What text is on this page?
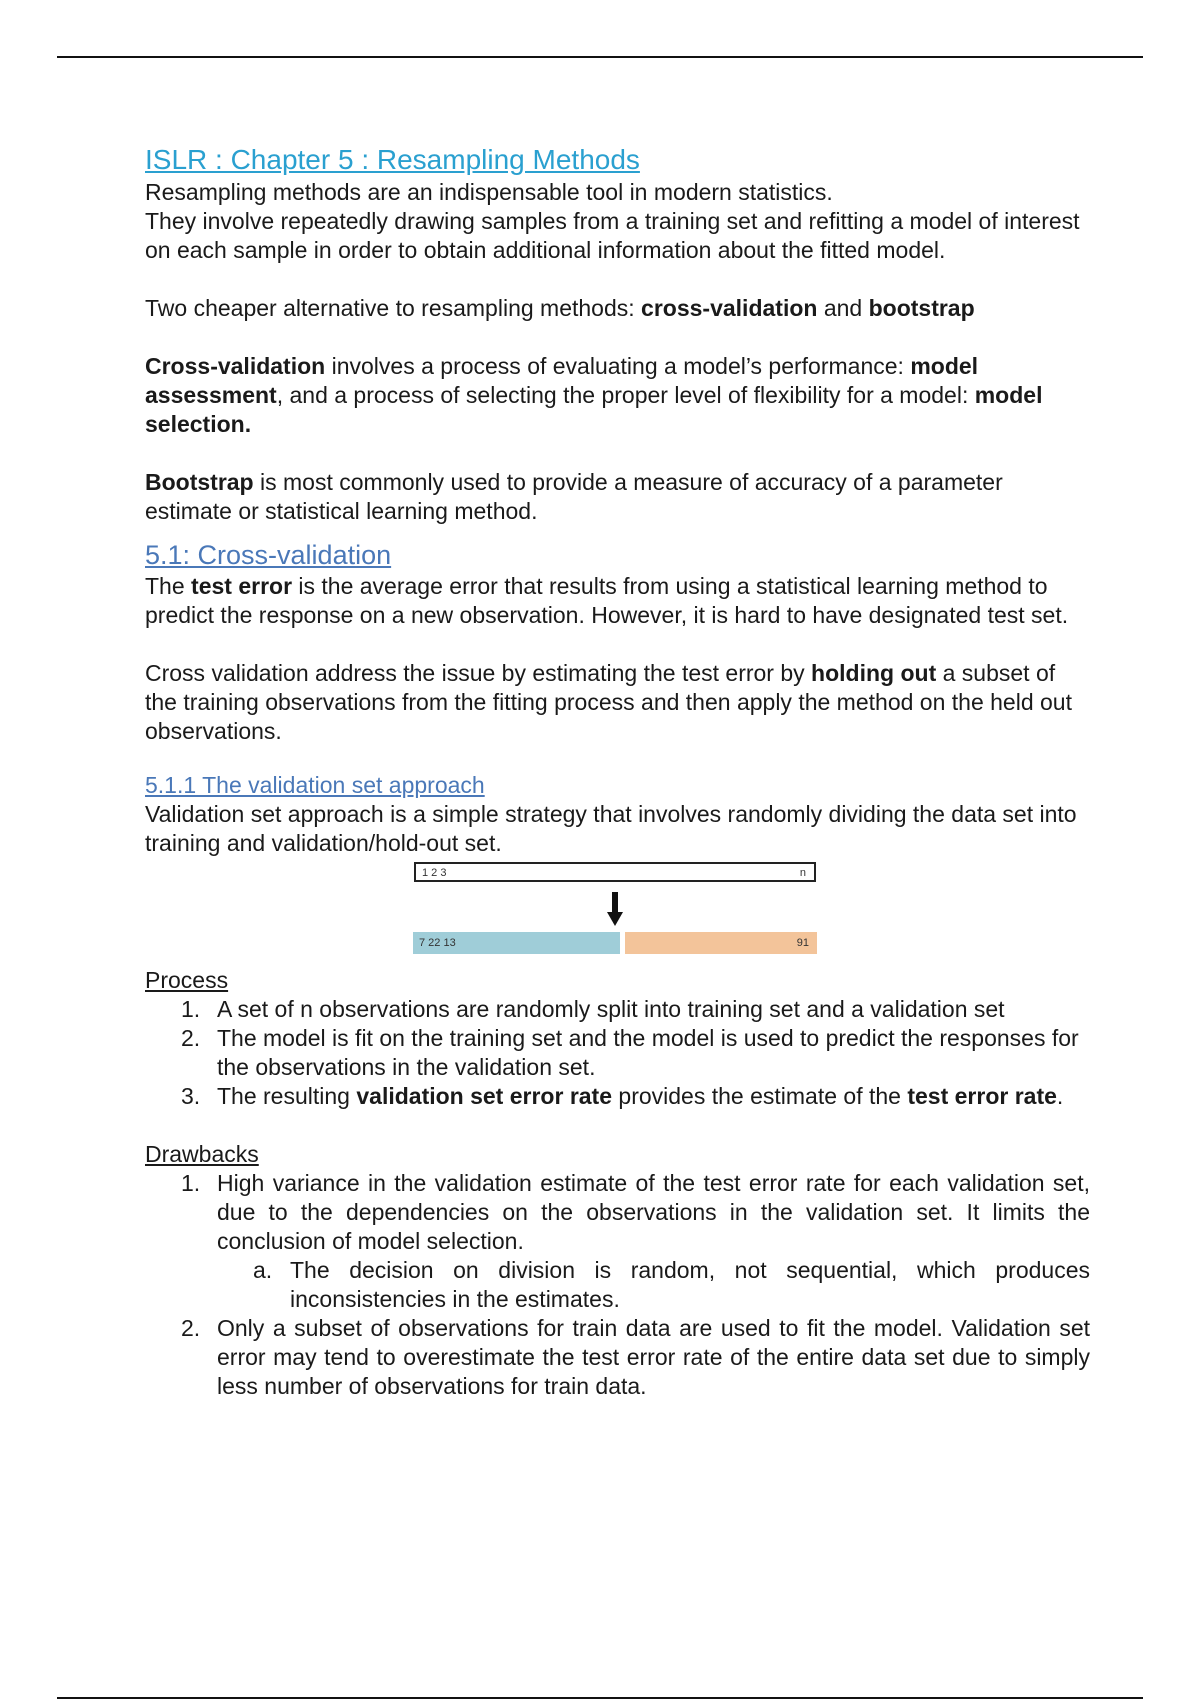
ISLR : Chapter 5 : Resampling Methods

Resampling methods are an indispensable tool in modern statistics.

They involve repeatedly drawing samples from a training set and refitting a model of interest on each sample in order to obtain additional information about the fitted model.

Two cheaper alternative to resampling methods: cross-validation and bootstrap

Cross-validation involves a process of evaluating a model’s performance: model assessment, and a process of selecting the proper level of flexibility for a model: model selection.

Bootstrap is most commonly used to provide a measure of accuracy of a parameter estimate or statistical learning method.

5.1: Cross-validation

The test error is the average error that results from using a statistical learning method to predict the response on a new observation. However, it is hard to have designated test set.

Cross validation address the issue by estimating the test error by holding out a subset of the training observations from the fitting process and then apply the method on the held out observations.

5.1.1 The validation set approach

Validation set approach is a simple strategy that involves randomly dividing the data set into training and validation/hold-out set.

1 2 3	n
7 22 13	91

Process

1. A set of n observations are randomly split into training set and a validation set
2. The model is fit on the training set and the model is used to predict the responses for the observations in the validation set.
3. The resulting validation set error rate provides the estimate of the test error rate.

Drawbacks

1. High variance in the validation estimate of the test error rate for each validation set, due to the dependencies on the observations in the validation set. It limits the conclusion of model selection.
a. The decision on division is random, not sequential, which produces inconsistencies in the estimates.
2. Only a subset of observations for train data are used to fit the model. Validation set error may tend to overestimate the test error rate of the entire data set due to simply less number of observations for train data.
